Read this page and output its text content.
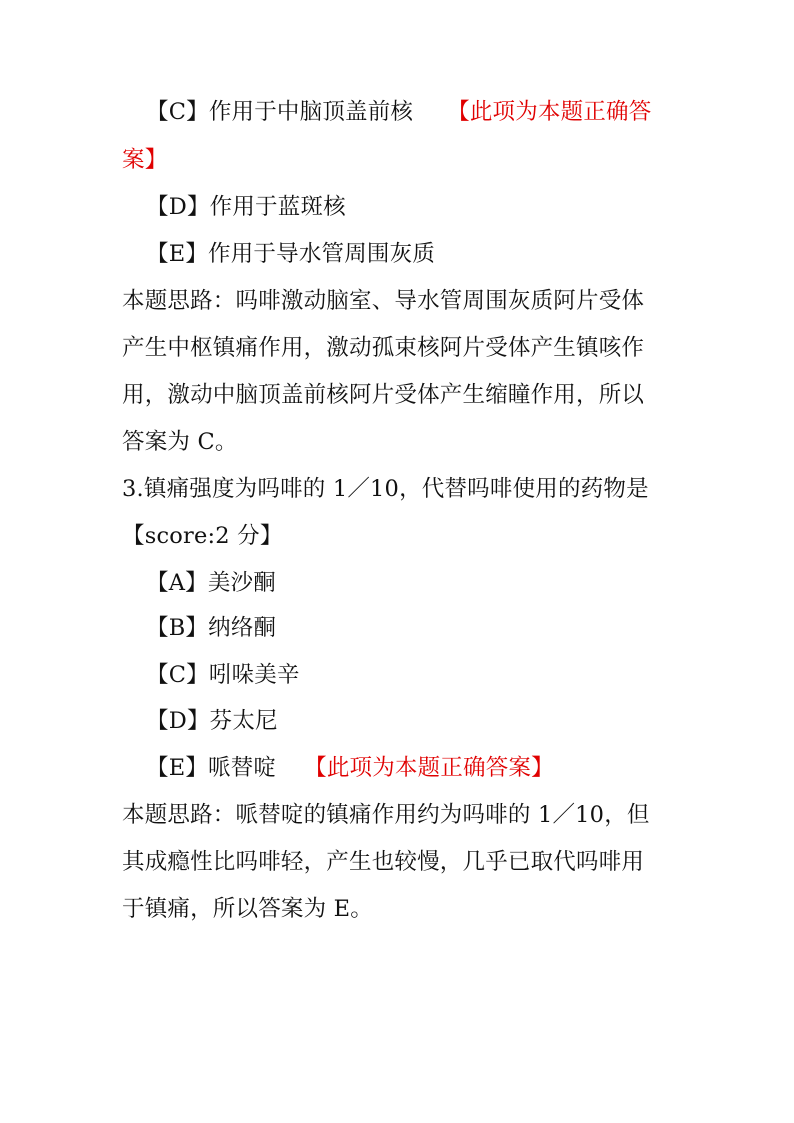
【C】作用于中脑顶盖前核 【此项为本题正确答
案】
【D】作用于蓝斑核
【E】作用于导水管周围灰质
本题思路：吗啡激动脑室、导水管周围灰质阿片受体
产生中枢镇痛作用，激动孤束核阿片受体产生镇咳作
用，激动中脑顶盖前核阿片受体产生缩瞳作用，所以
答案为 C。
3.镇痛强度为吗啡的 1／10，代替吗啡使用的药物是
【score:2 分】
【A】美沙酮
【B】纳络酮
【C】吲哚美辛
【D】芬太尼
【E】哌替啶 【此项为本题正确答案】
本题思路：哌替啶的镇痛作用约为吗啡的 1／10，但
其成瘾性比吗啡轻，产生也较慢，几乎已取代吗啡用
于镇痛，所以答案为 E。
